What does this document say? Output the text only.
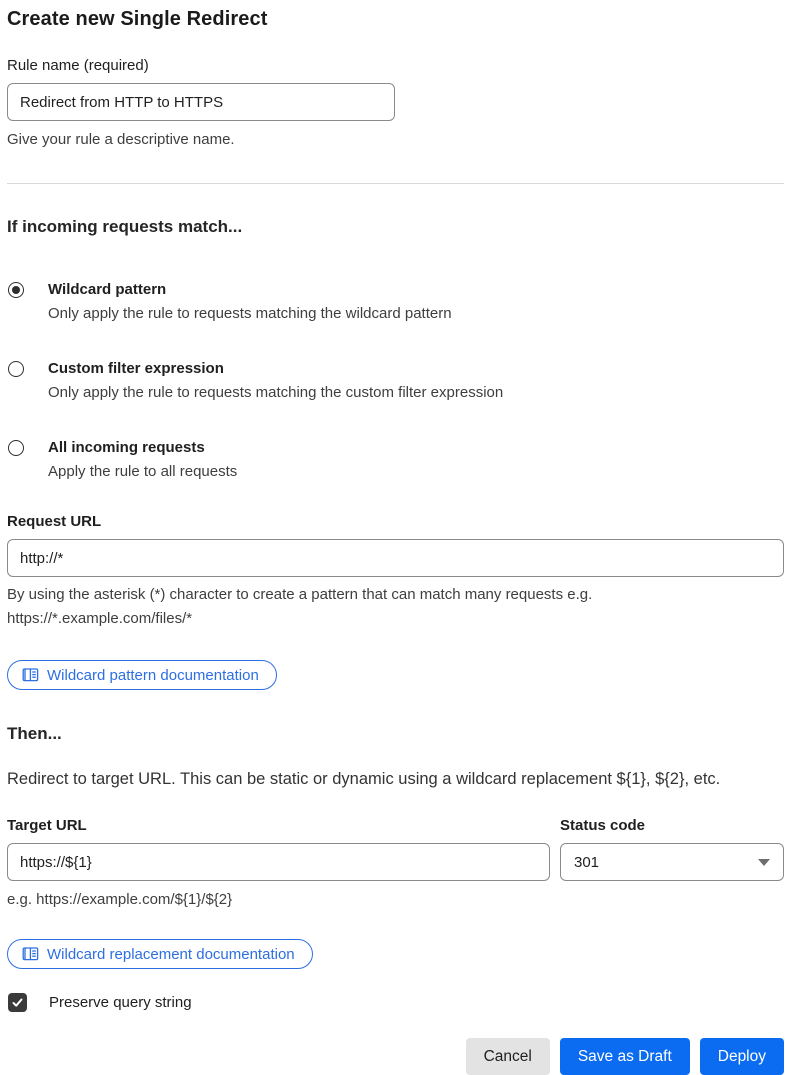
Create new Single Redirect
Rule name (required)
Redirect from HTTP to HTTPS
Give your rule a descriptive name.
If incoming requests match...
Wildcard pattern
Only apply the rule to requests matching the wildcard pattern
Custom filter expression
Only apply the rule to requests matching the custom filter expression
All incoming requests
Apply the rule to all requests
Request URL
http://*
By using the asterisk (*) character to create a pattern that can match many requests e.g.
https://*.example.com/files/*
Wildcard pattern documentation
Then...
Redirect to target URL. This can be static or dynamic using a wildcard replacement ${1}, ${2}, etc.
Target URL	Status code
https://${1}
301
e.g. https://example.com/${1}/${2}
Wildcard replacement documentation
Preserve query string
Cancel	Save as Draft	Deploy
